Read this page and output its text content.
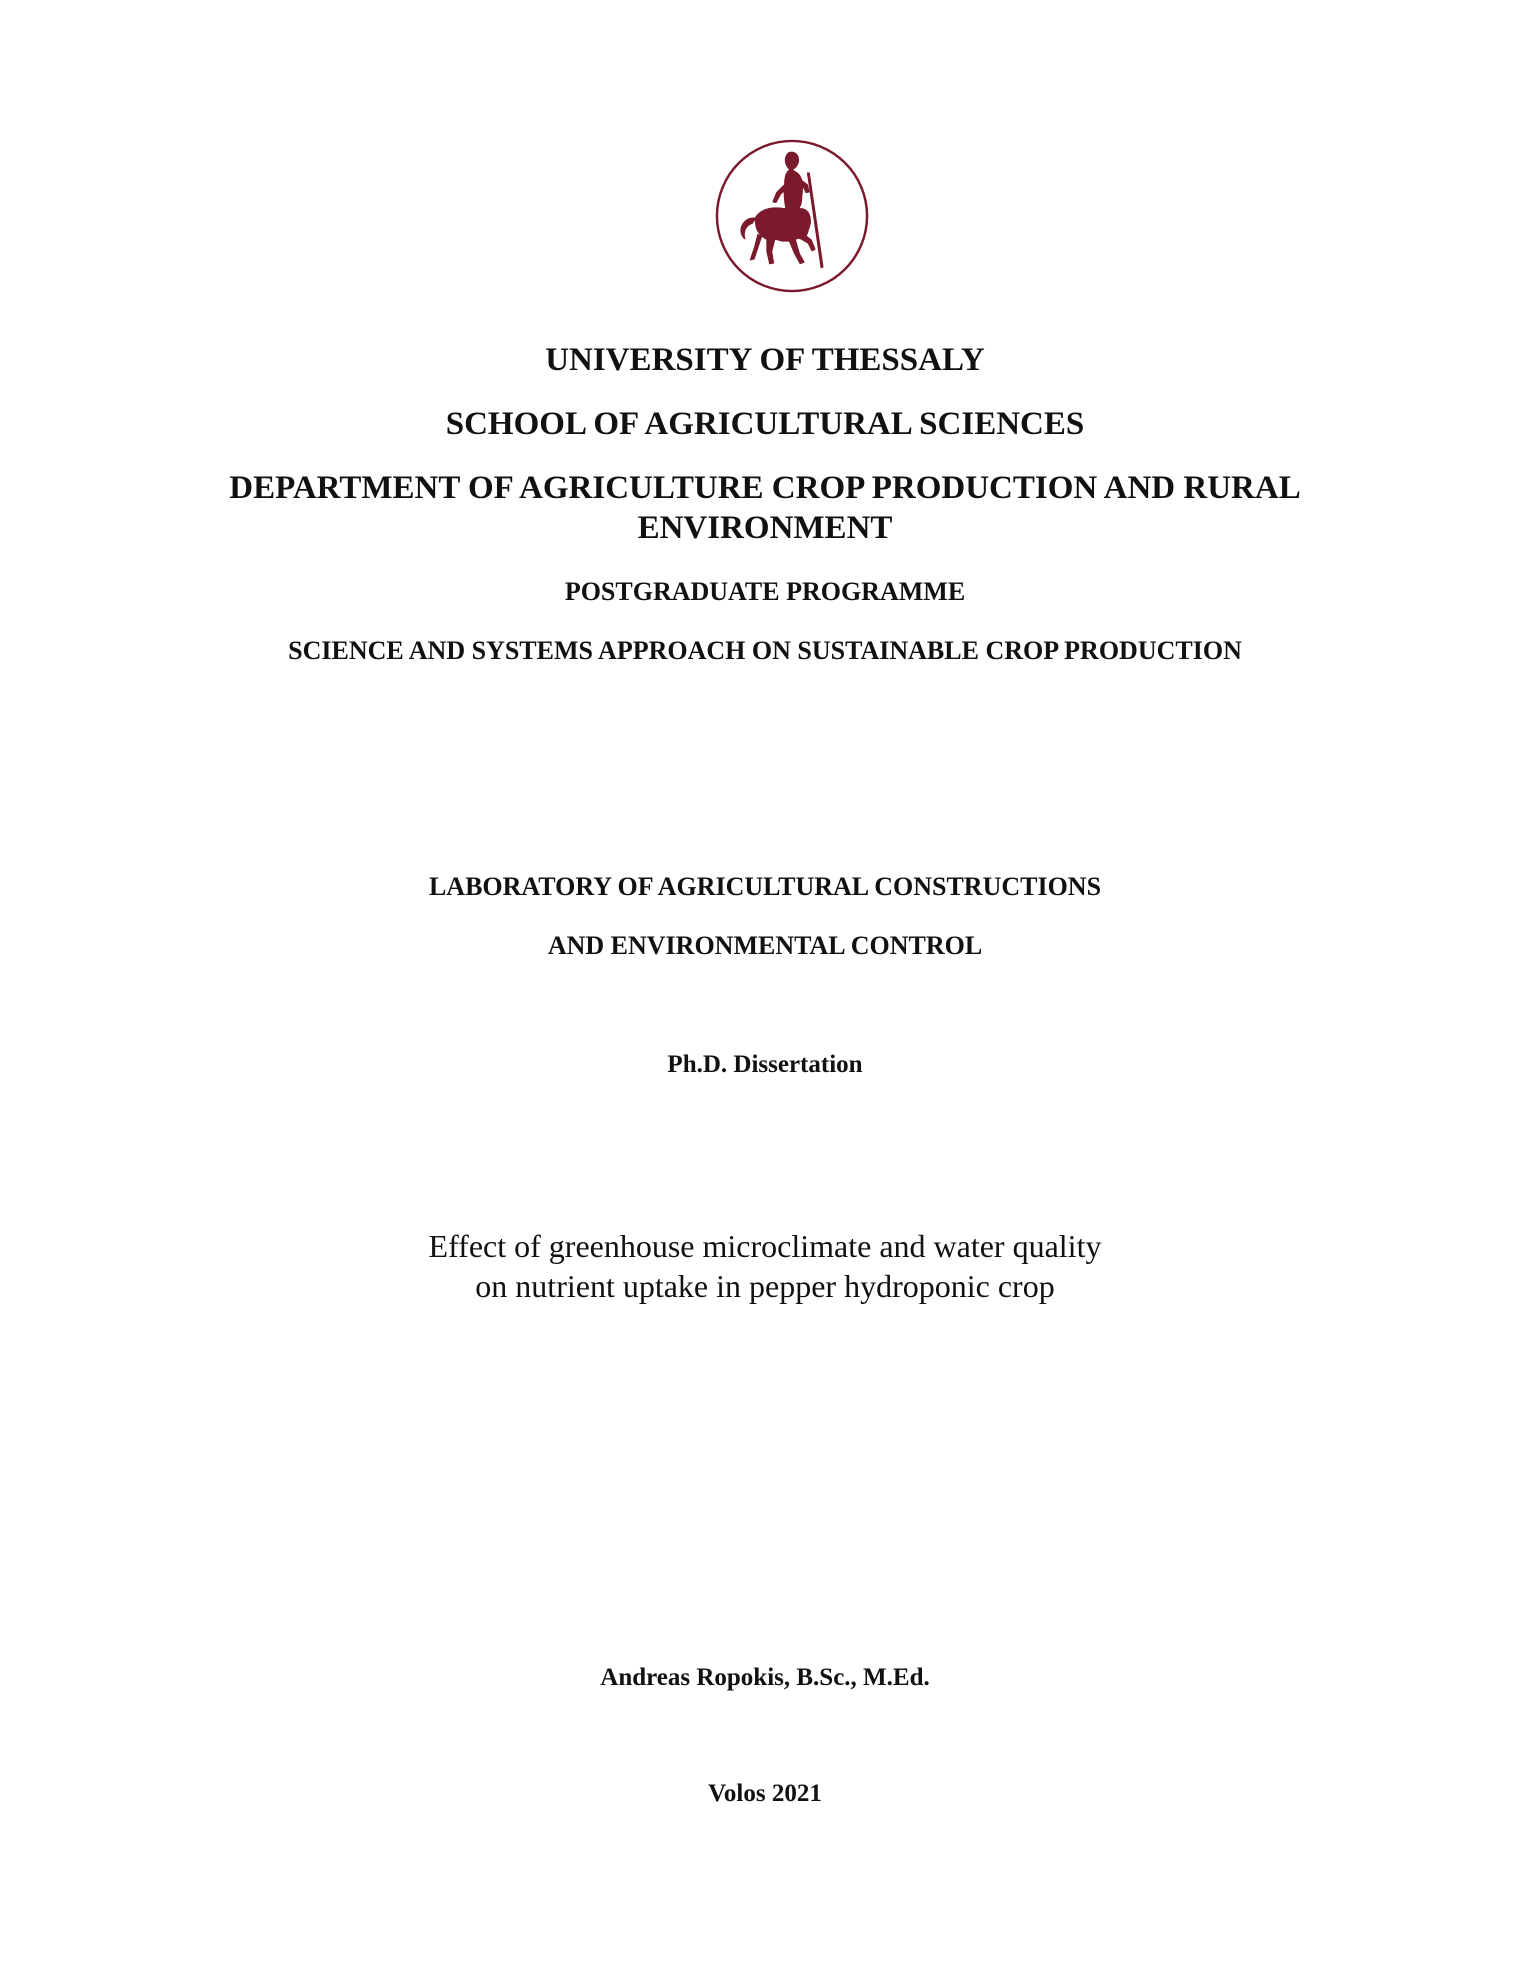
UNIVERSITY OF THESSALY
SCHOOL OF AGRICULTURAL SCIENCES
DEPARTMENT OF AGRICULTURE CROP PRODUCTION AND RURAL
ENVIRONMENT
POSTGRADUATE PROGRAMME
SCIENCE AND SYSTEMS APPROACH ON SUSTAINABLE CROP PRODUCTION
LABORATORY OF AGRICULTURAL CONSTRUCTIONS
AND ENVIRONMENTAL CONTROL
Ph.D. Dissertation
Effect of greenhouse microclimate and water quality
on nutrient uptake in pepper hydroponic crop
Andreas Ropokis, B.Sc., M.Ed.
Volos 2021
